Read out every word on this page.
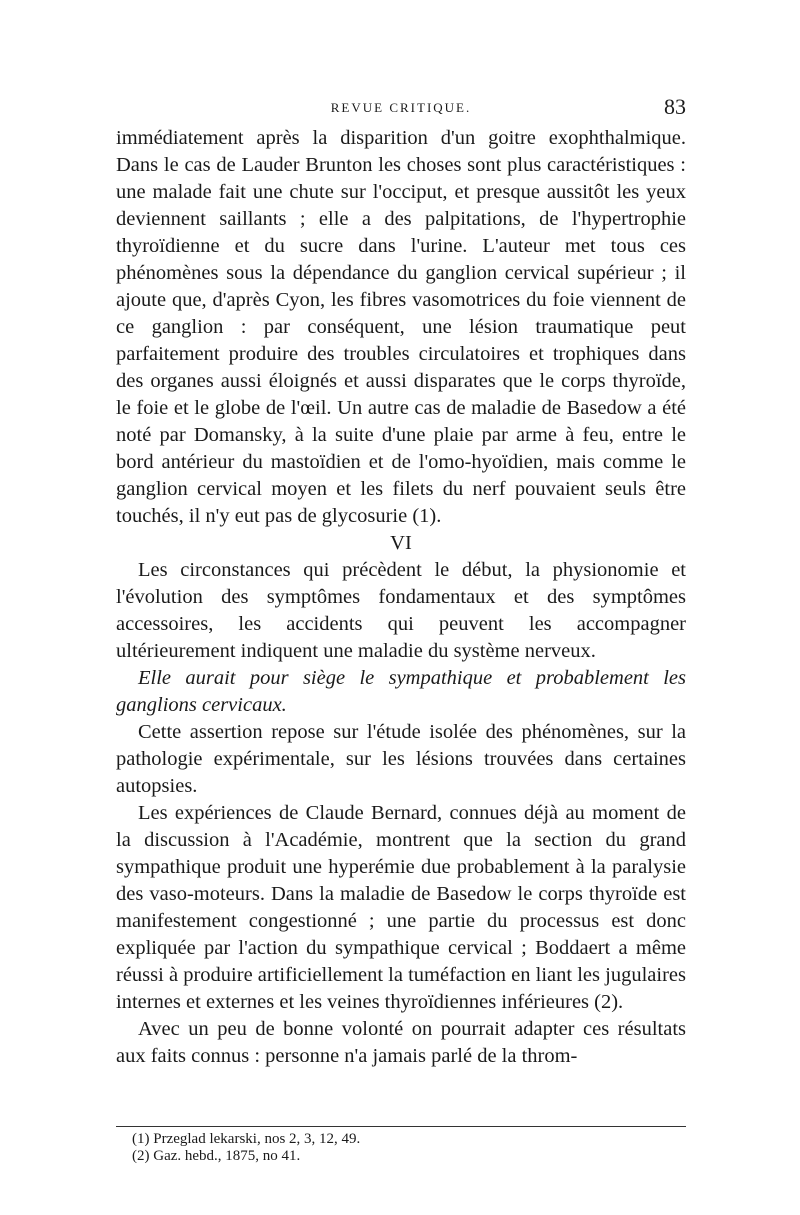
REVUE CRITIQUE.	83

immédiatement après la disparition d'un goitre exophthalmique. Dans le cas de Lauder Brunton les choses sont plus caractéristiques : une malade fait une chute sur l'occiput, et presque aussitôt les yeux deviennent saillants ; elle a des palpitations, de l'hypertrophie thyroïdienne et du sucre dans l'urine. L'auteur met tous ces phénomènes sous la dépendance du ganglion cervical supérieur ; il ajoute que, d'après Cyon, les fibres vasomotrices du foie viennent de ce ganglion : par conséquent, une lésion traumatique peut parfaitement produire des troubles circulatoires et trophiques dans des organes aussi éloignés et aussi disparates que le corps thyroïde, le foie et le globe de l'œil. Un autre cas de maladie de Basedow a été noté par Domansky, à la suite d'une plaie par arme à feu, entre le bord antérieur du mastoïdien et de l'omo-hyoïdien, mais comme le ganglion cervical moyen et les filets du nerf pouvaient seuls être touchés, il n'y eut pas de glycosurie (1).

VI

Les circonstances qui précèdent le début, la physionomie et l'évolution des symptômes fondamentaux et des symptômes accessoires, les accidents qui peuvent les accompagner ultérieurement indiquent une maladie du système nerveux.

Elle aurait pour siège le sympathique et probablement les ganglions cervicaux.

Cette assertion repose sur l'étude isolée des phénomènes, sur la pathologie expérimentale, sur les lésions trouvées dans certaines autopsies.

Les expériences de Claude Bernard, connues déjà au moment de la discussion à l'Académie, montrent que la section du grand sympathique produit une hyperémie due probablement à la paralysie des vaso-moteurs. Dans la maladie de Basedow le corps thyroïde est manifestement congestionné ; une partie du processus est donc expliquée par l'action du sympathique cervical ; Boddaert a même réussi à produire artificiellement la tuméfaction en liant les jugulaires internes et externes et les veines thyroïdiennes inférieures (2).

Avec un peu de bonne volonté on pourrait adapter ces résultats aux faits connus : personne n'a jamais parlé de la throm-

(1) Przeglad lekarski, nos 2, 3, 12, 49.

(2) Gaz. hebd., 1875, no 41.
